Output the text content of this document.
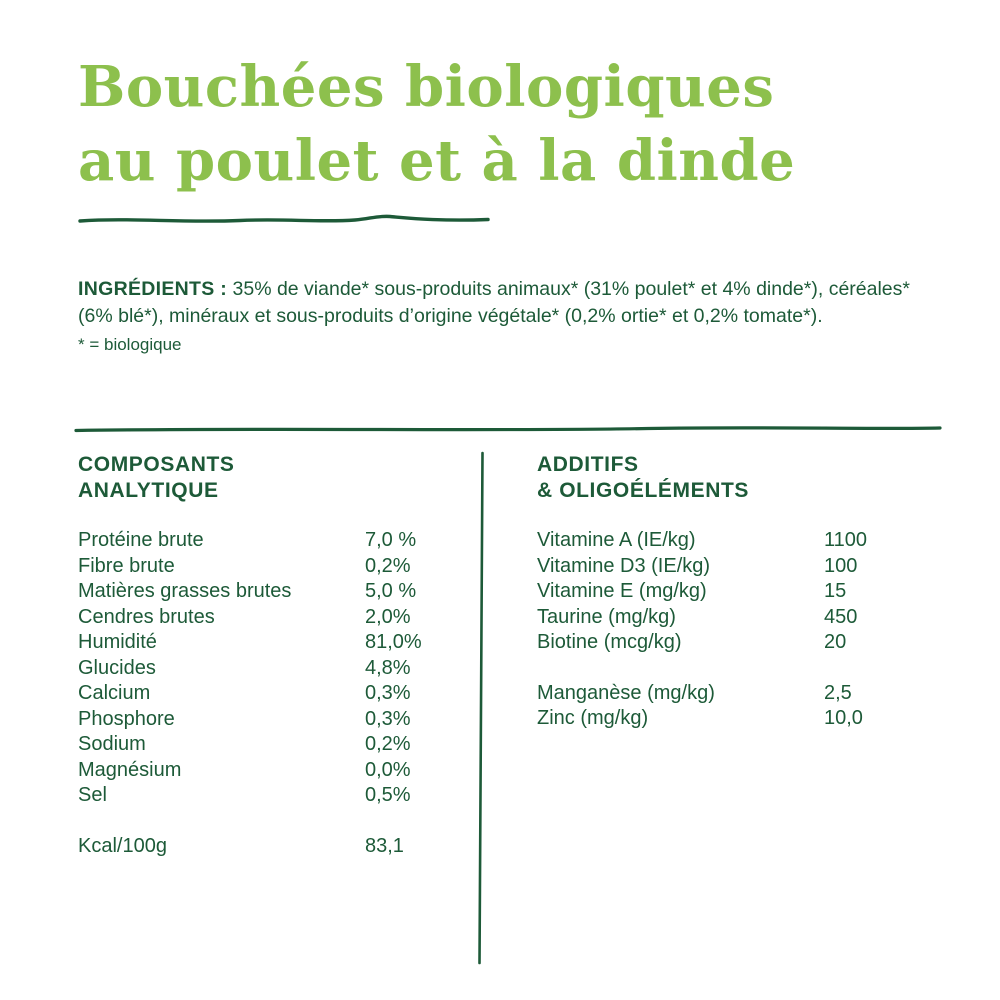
Bouchées biologiques
au poulet et à la dinde
INGRÉDIENTS : 35% de viande* sous-produits animaux* (31% poulet* et 4% dinde*), céréales* (6% blé*), minéraux et sous-produits d’origine végétale* (0,2% ortie* et 0,2% tomate*).
* = biologique
COMPOSANTS
ANALYTIQUE
Protéine brute	7,0 %
Fibre brute	0,2%
Matières grasses brutes	5,0 %
Cendres brutes	2,0%
Humidité	81,0%
Glucides	4,8%
Calcium	0,3%
Phosphore	0,3%
Sodium	0,2%
Magnésium	0,0%
Sel	0,5%
Kcal/100g	83,1
ADDITIFS
& OLIGOÉLÉMENTS
Vitamine A (IE/kg)	1100
Vitamine D3 (IE/kg)	100
Vitamine E (mg/kg)	15
Taurine (mg/kg)	450
Biotine (mcg/kg)	20
Manganèse (mg/kg)	2,5
Zinc (mg/kg)	10,0
